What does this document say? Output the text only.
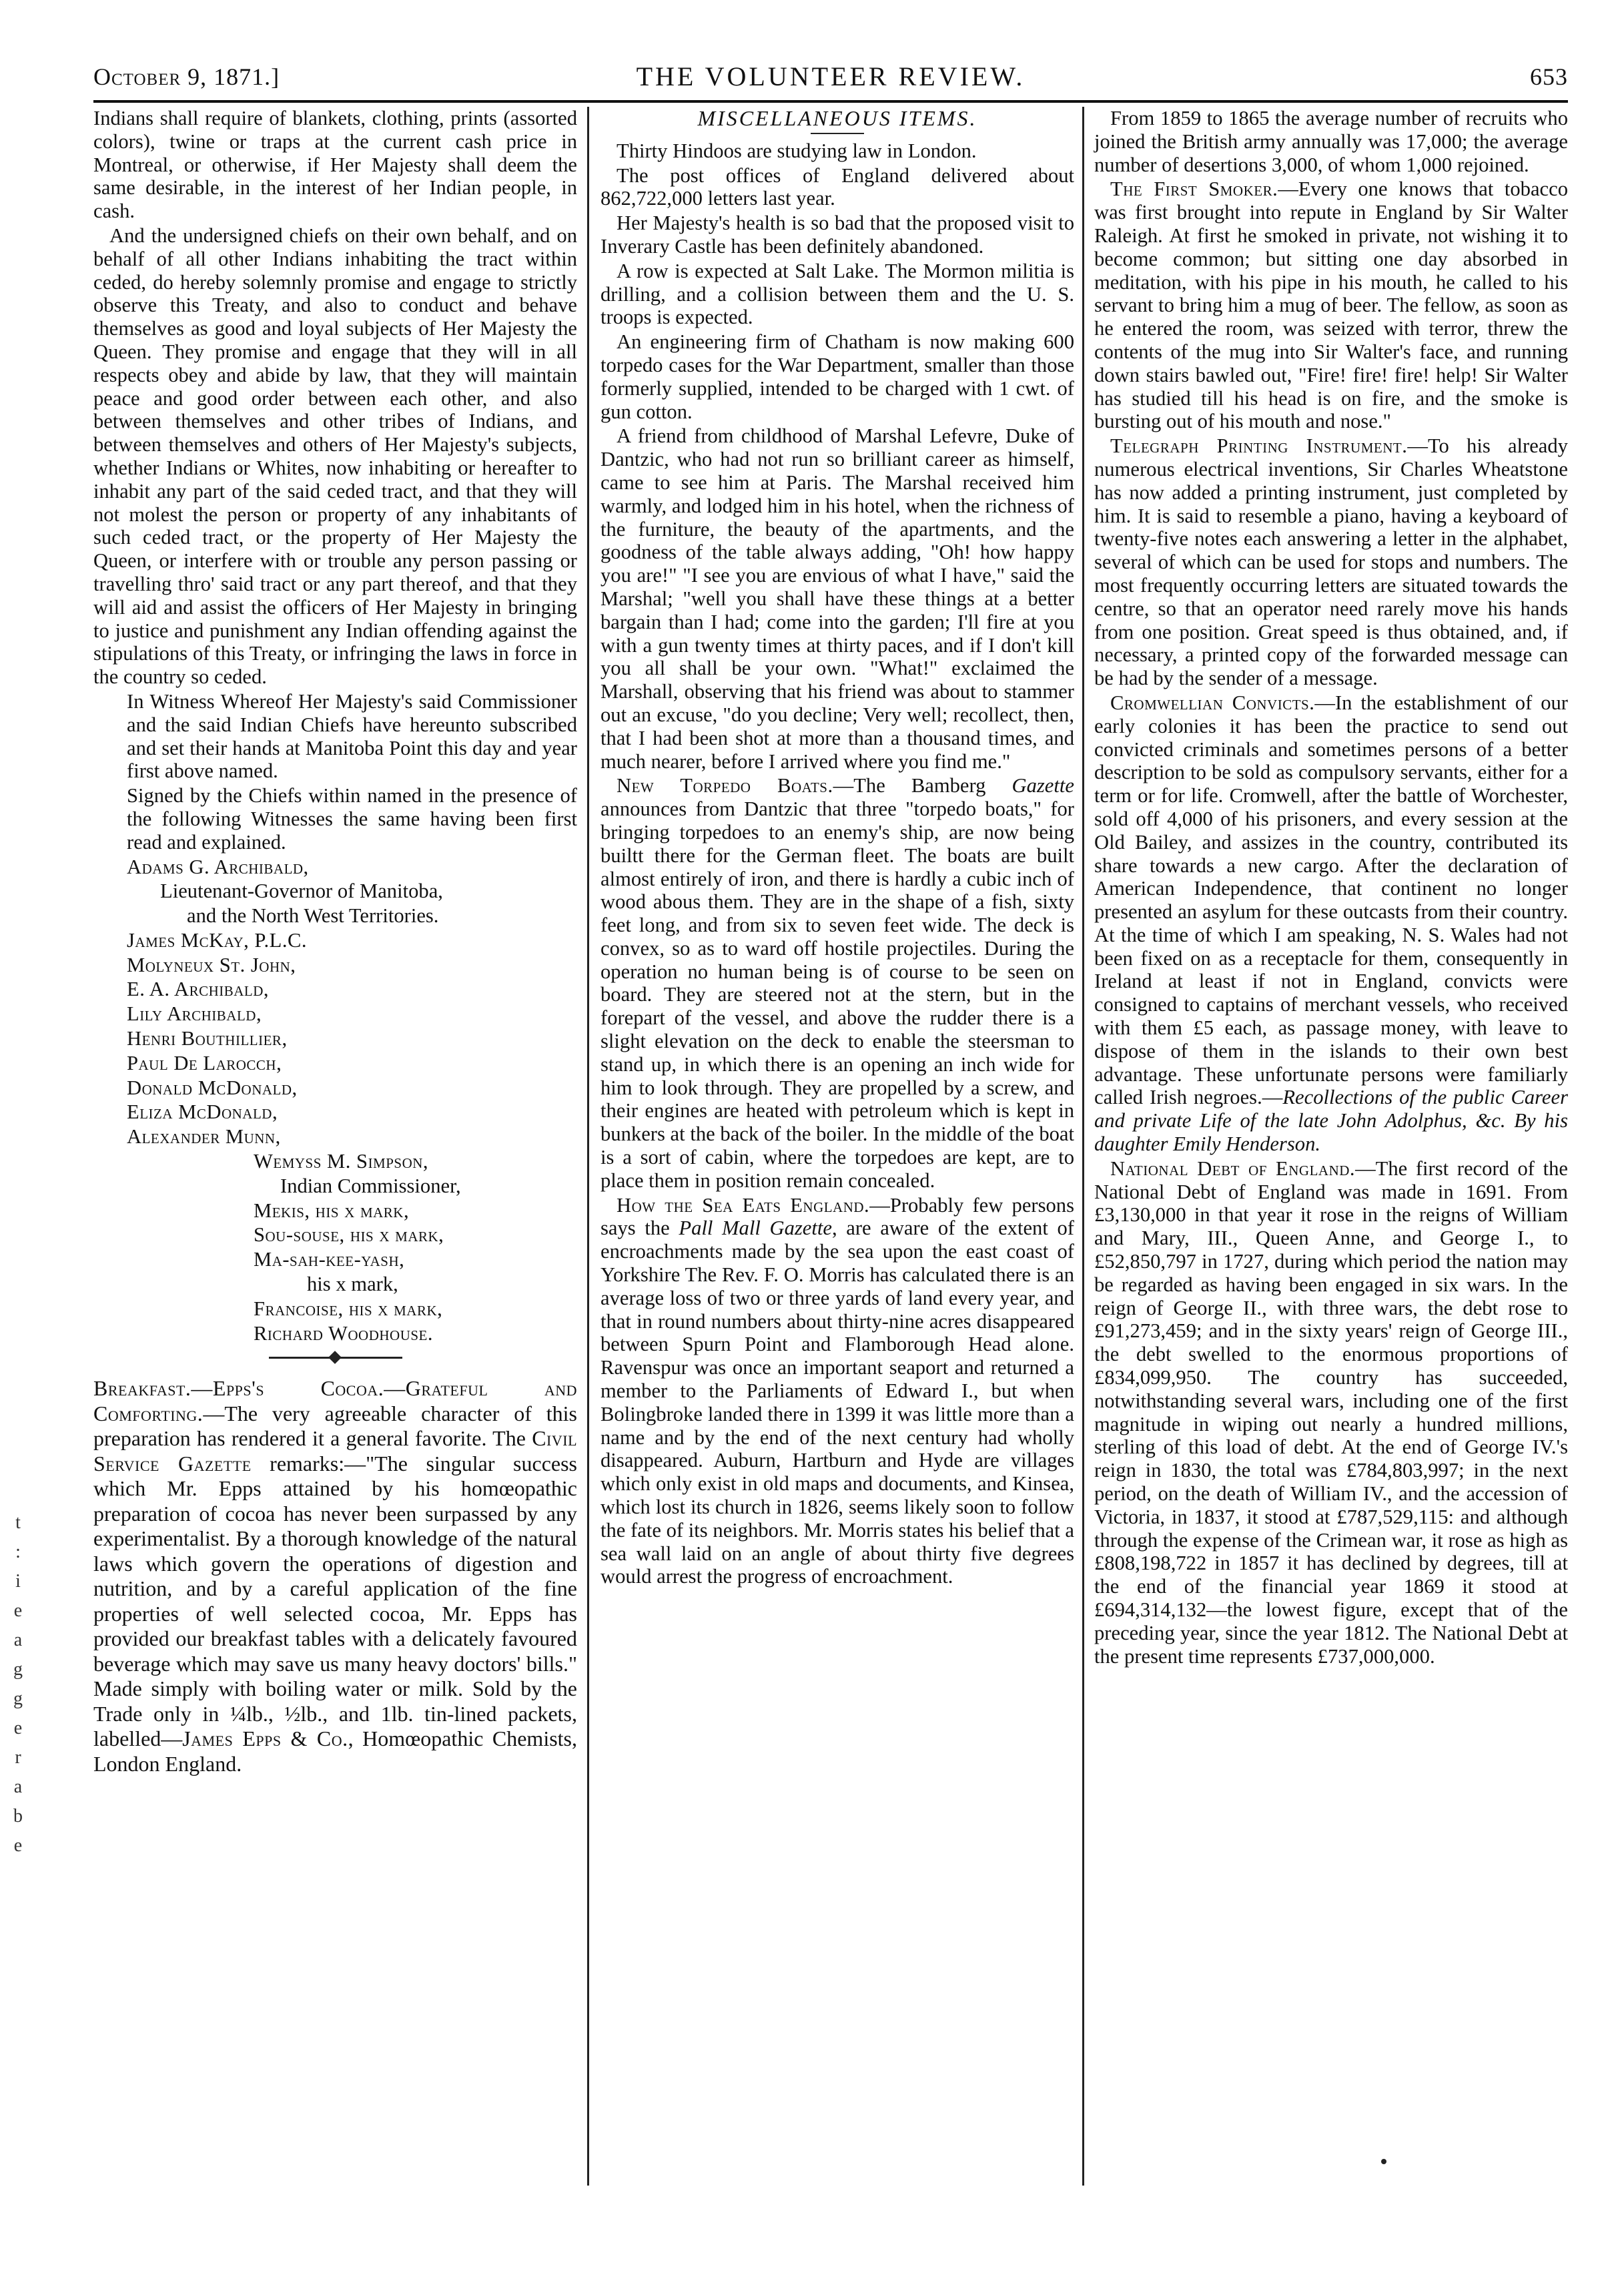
October 9, 1871.]	THE VOLUNTEER REVIEW.	653

Indians shall require of blankets, clothing, prints (assorted colors), twine or traps at the current cash price in Montreal, or otherwise, if Her Majesty shall deem the same desirable, in the interest of her Indian people, in cash.

And the undersigned chiefs on their own behalf, and on behalf of all other Indians inhabiting the tract within ceded, do hereby solemnly promise and engage to strictly observe this Treaty, and also to conduct and behave themselves as good and loyal subjects of Her Majesty the Queen. They promise and engage that they will in all respects obey and abide by law, that they will maintain peace and good order between each other, and also between themselves and other tribes of Indians, and between themselves and others of Her Majesty's subjects, whether Indians or Whites, now inhabiting or hereafter to inhabit any part of the said ceded tract, and that they will not molest the person or property of any inhabitants of such ceded tract, or the property of Her Majesty the Queen, or interfere with or trouble any person passing or travelling thro' said tract or any part thereof, and that they will aid and assist the officers of Her Majesty in bringing to justice and punishment any Indian offending against the stipulations of this Treaty, or infringing the laws in force in the country so ceded.

In Witness Whereof Her Majesty's said Commissioner and the said Indian Chiefs have hereunto subscribed and set their hands at Manitoba Point this day and year first above named.

Signed by the Chiefs within named in the presence of the following Witnesses the same having been first read and explained.

Adams G. Archibald,

Lieutenant-Governor of Manitoba,

and the North West Territories.

James McKay, P.L.C.

Molyneux St. John,

E. A. Archibald,

Lily Archibald,

Henri Bouthillier,

Paul De Larocch,

Donald McDonald,

Eliza McDonald,

Alexander Munn,

Wemyss M. Simpson,

Indian Commissioner,

Mekis, his x mark,

Sou-souse, his x mark,

Ma-sah-kee-yash,

his x mark,

Francoise, his x mark,

Richard Woodhouse.

Breakfast.—Epps's Cocoa.—Grateful and Comforting.—The very agreeable character of this preparation has rendered it a general favorite. The Civil Service Gazette remarks:—"The singular success which Mr. Epps attained by his homœopathic preparation of cocoa has never been surpassed by any experimentalist. By a thorough knowledge of the natural laws which govern the operations of digestion and nutrition, and by a careful application of the fine properties of well selected cocoa, Mr. Epps has provided our breakfast tables with a delicately favoured beverage which may save us many heavy doctors' bills." Made simply with boiling water or milk. Sold by the Trade only in ¼lb., ½lb., and 1lb. tin-lined packets, labelled—James Epps & Co., Homœopathic Chemists, London England.

MISCELLANEOUS ITEMS.

Thirty Hindoos are studying law in London.

The post offices of England delivered about 862,722,000 letters last year.

Her Majesty's health is so bad that the proposed visit to Inverary Castle has been definitely abandoned.

A row is expected at Salt Lake. The Mormon militia is drilling, and a collision between them and the U. S. troops is expected.

An engineering firm of Chatham is now making 600 torpedo cases for the War Department, smaller than those formerly supplied, intended to be charged with 1 cwt. of gun cotton.

A friend from childhood of Marshal Lefevre, Duke of Dantzic, who had not run so brilliant career as himself, came to see him at Paris. The Marshal received him warmly, and lodged him in his hotel, when the richness of the furniture, the beauty of the apartments, and the goodness of the table always adding, "Oh! how happy you are!" "I see you are envious of what I have," said the Marshal; "well you shall have these things at a better bargain than I had; come into the garden; I'll fire at you with a gun twenty times at thirty paces, and if I don't kill you all shall be your own. "What!" exclaimed the Marshall, observing that his friend was about to stammer out an excuse, "do you decline; Very well; recollect, then, that I had been shot at more than a thousand times, and much nearer, before I arrived where you find me."

New Torpedo Boats.—The Bamberg Gazette announces from Dantzic that three "torpedo boats," for bringing torpedoes to an enemy's ship, are now being builtt there for the German fleet. The boats are built almost entirely of iron, and there is hardly a cubic inch of wood abous them. They are in the shape of a fish, sixty feet long, and from six to seven feet wide. The deck is convex, so as to ward off hostile projectiles. During the operation no human being is of course to be seen on board. They are steered not at the stern, but in the forepart of the vessel, and above the rudder there is a slight elevation on the deck to enable the steersman to stand up, in which there is an opening an inch wide for him to look through. They are propelled by a screw, and their engines are heated with petroleum which is kept in bunkers at the back of the boiler. In the middle of the boat is a sort of cabin, where the torpedoes are kept, are to place them in position remain concealed.

How the Sea Eats England.—Probably few persons says the Pall Mall Gazette, are aware of the extent of encroachments made by the sea upon the east coast of Yorkshire The Rev. F. O. Morris has calculated there is an average loss of two or three yards of land every year, and that in round numbers about thirty-nine acres disappeared between Spurn Point and Flamborough Head alone. Ravenspur was once an important seaport and returned a member to the Parliaments of Edward I., but when Bolingbroke landed there in 1399 it was little more than a name and by the end of the next century had wholly disappeared. Auburn, Hartburn and Hyde are villages which only exist in old maps and documents, and Kinsea, which lost its church in 1826, seems likely soon to follow the fate of its neighbors. Mr. Morris states his belief that a sea wall laid on an angle of about thirty five degrees would arrest the progress of encroachment.

From 1859 to 1865 the average number of recruits who joined the British army annually was 17,000; the average number of desertions 3,000, of whom 1,000 rejoined.

The First Smoker.—Every one knows that tobacco was first brought into repute in England by Sir Walter Raleigh. At first he smoked in private, not wishing it to become common; but sitting one day absorbed in meditation, with his pipe in his mouth, he called to his servant to bring him a mug of beer. The fellow, as soon as he entered the room, was seized with terror, threw the contents of the mug into Sir Walter's face, and running down stairs bawled out, "Fire! fire! fire! help! Sir Walter has studied till his head is on fire, and the smoke is bursting out of his mouth and nose."

Telegraph Printing Instrument.—To his already numerous electrical inventions, Sir Charles Wheatstone has now added a printing instrument, just completed by him. It is said to resemble a piano, having a keyboard of twenty-five notes each answering a letter in the alphabet, several of which can be used for stops and numbers. The most frequently occurring letters are situated towards the centre, so that an operator need rarely move his hands from one position. Great speed is thus obtained, and, if necessary, a printed copy of the forwarded message can be had by the sender of a message.

Cromwellian Convicts.—In the establishment of our early colonies it has been the practice to send out convicted criminals and sometimes persons of a better description to be sold as compulsory servants, either for a term or for life. Cromwell, after the battle of Worchester, sold off 4,000 of his prisoners, and every session at the Old Bailey, and assizes in the country, contributed its share towards a new cargo. After the declaration of American Independence, that continent no longer presented an asylum for these outcasts from their country. At the time of which I am speaking, N. S. Wales had not been fixed on as a receptacle for them, consequently in Ireland at least if not in England, convicts were consigned to captains of merchant vessels, who received with them £5 each, as passage money, with leave to dispose of them in the islands to their own best advantage. These unfortunate persons were familiarly called Irish negroes.—Recollections of the public Career and private Life of the late John Adolphus, &c. By his daughter Emily Henderson.

National Debt of England.—The first record of the National Debt of England was made in 1691. From £3,130,000 in that year it rose in the reigns of William and Mary, III., Queen Anne, and George I., to £52,850,797 in 1727, during which period the nation may be regarded as having been engaged in six wars. In the reign of George II., with three wars, the debt rose to £91,273,459; and in the sixty years' reign of George III., the debt swelled to the enormous proportions of £834,099,950. The country has succeeded, notwithstanding several wars, including one of the first magnitude in wiping out nearly a hundred millions, sterling of this load of debt. At the end of George IV.'s reign in 1830, the total was £784,803,997; in the next period, on the death of William IV., and the accession of Victoria, in 1837, it stood at £787,529,115: and although through the expense of the Crimean war, it rose as high as £808,198,722 in 1857 it has declined by degrees, till at the end of the financial year 1869 it stood at £694,314,132—the lowest figure, except that of the preceding year, since the year 1812. The National Debt at the present time represents £737,000,000.

t
:
i
e
a
g
g
e
r
a
b
e
